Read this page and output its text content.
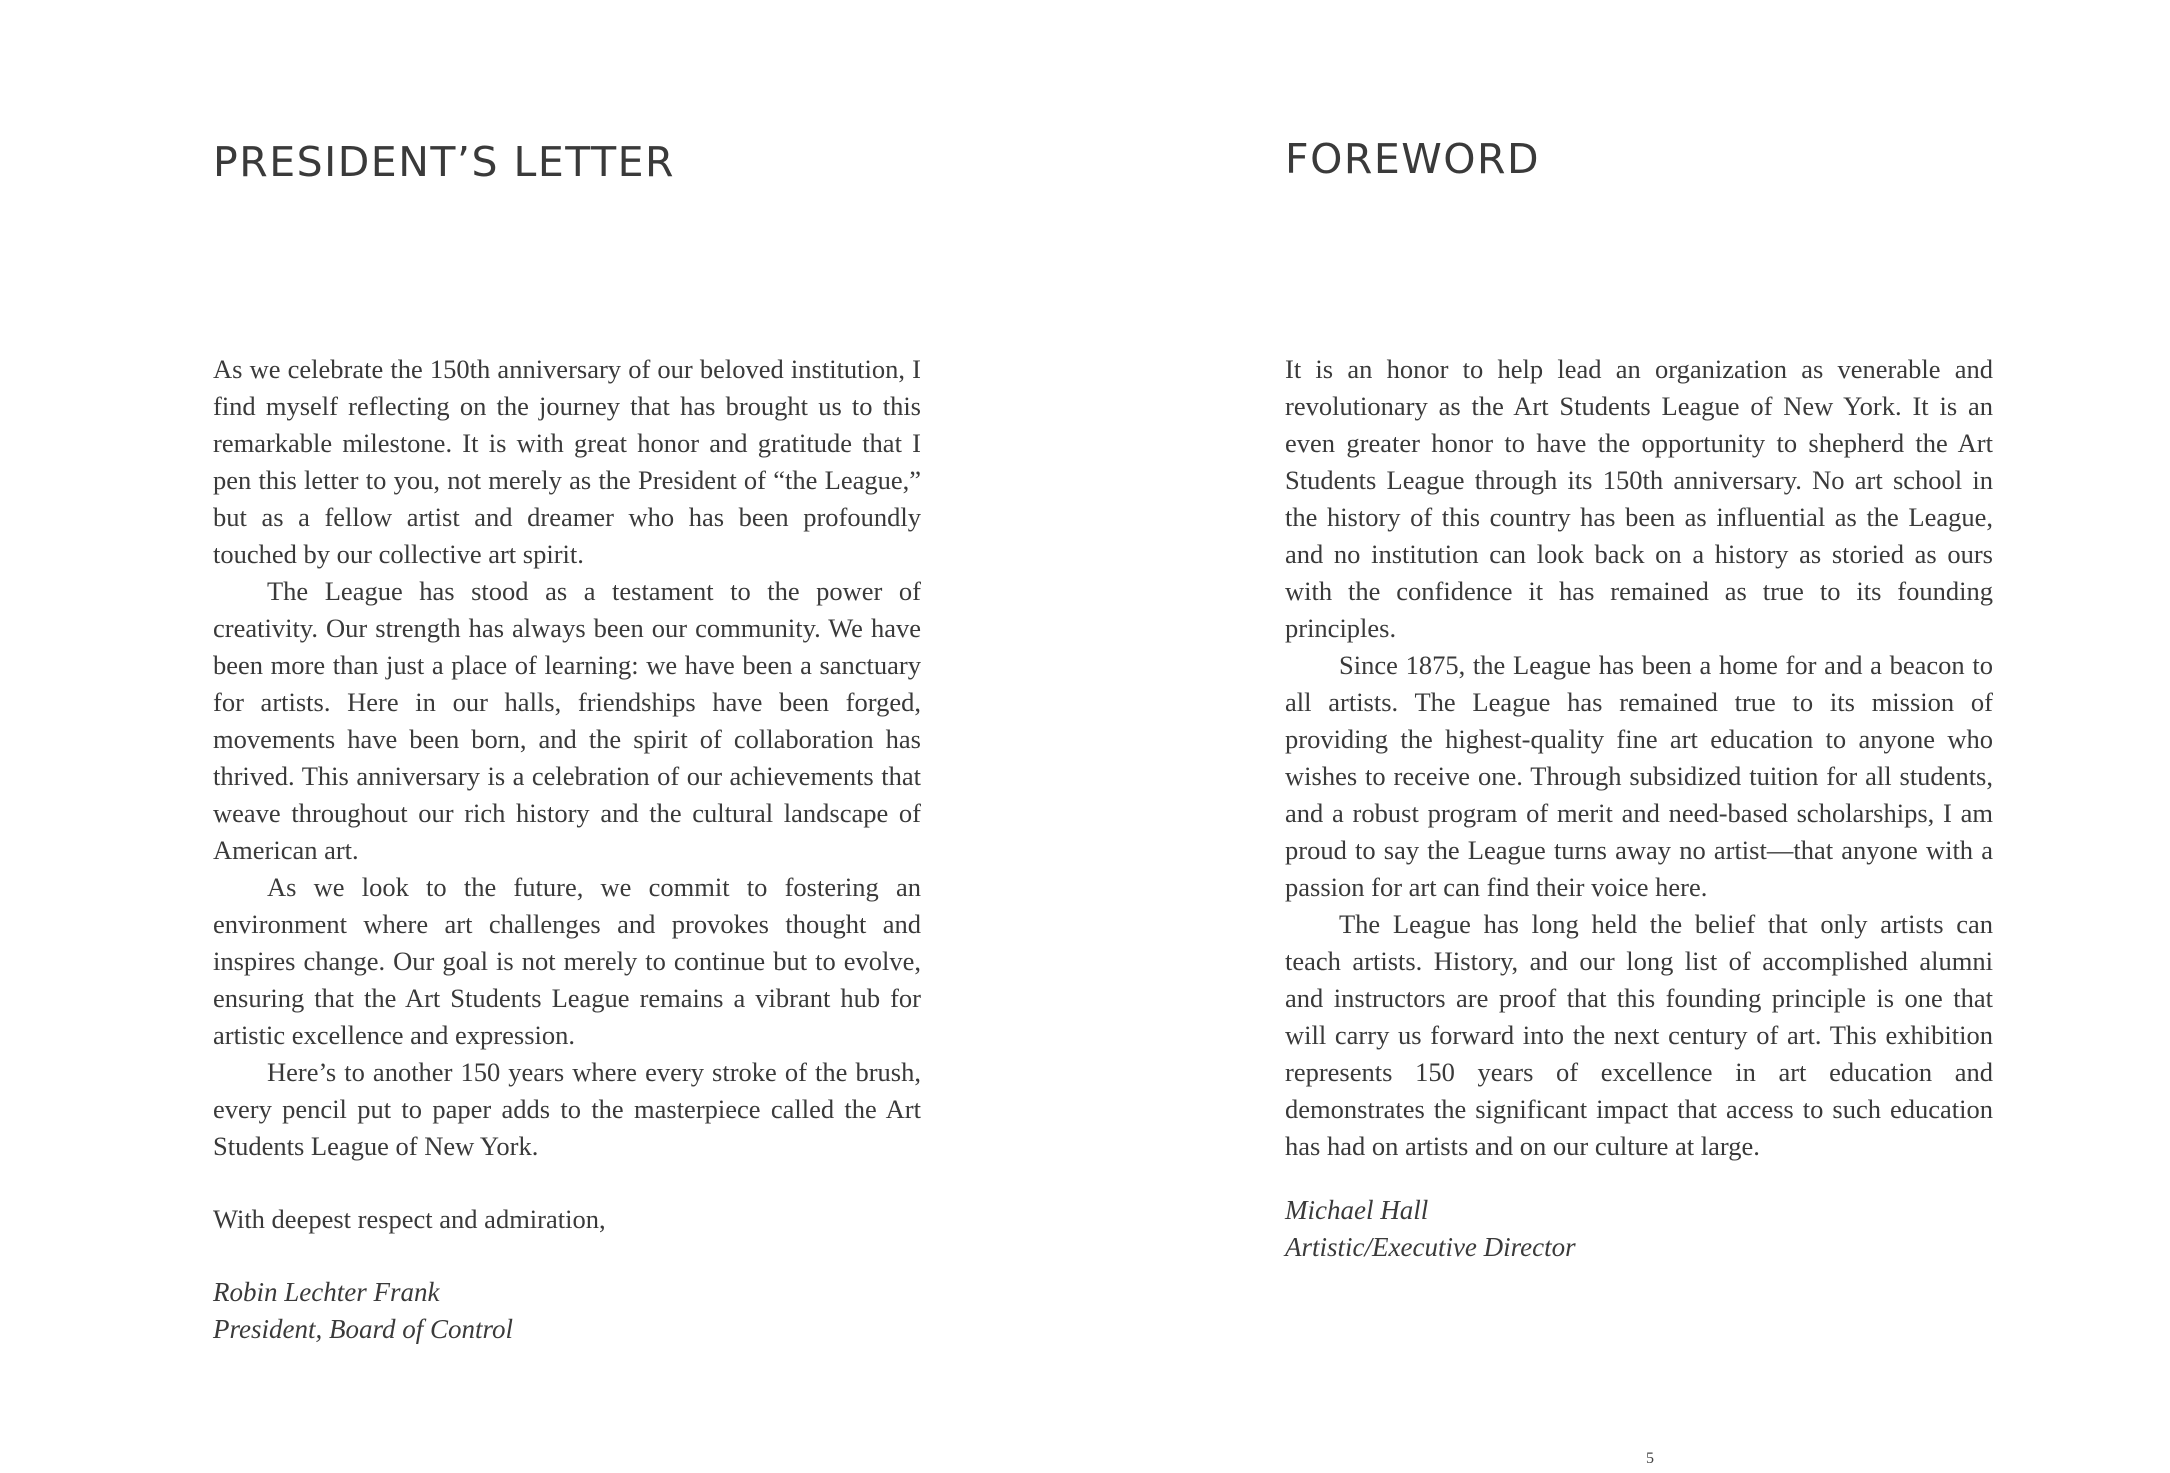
PRESIDENT’S LETTER

As we celebrate the 150th anniversary of our beloved institution, I find myself reflecting on the journey that has brought us to this remarkable milestone. It is with great honor and gratitude that I pen this letter to you, not merely as the President of “the League,” but as a fellow artist and dreamer who has been profoundly touched by our collective art spirit.

The League has stood as a testament to the power of creativity. Our strength has always been our community. We have been more than just a place of learning: we have been a sanctuary for artists. Here in our halls, friendships have been forged, movements have been born, and the spirit of collaboration has thrived. This anniversary is a celebration of our achievements that weave throughout our rich history and the cultural landscape of American art.

As we look to the future, we commit to fostering an environment where art challenges and provokes thought and inspires change. Our goal is not merely to continue but to evolve, ensuring that the Art Students League remains a vibrant hub for artistic excellence and expression.

Here’s to another 150 years where every stroke of the brush, every pencil put to paper adds to the masterpiece called the Art Students League of New York.

With deepest respect and admiration,

Robin Lechter Frank
President, Board of Control
FOREWORD

It is an honor to help lead an organization as venerable and revolutionary as the Art Students League of New York. It is an even greater honor to have the opportunity to shepherd the Art Students League through its 150th anniversary. No art school in the history of this country has been as influential as the League, and no institution can look back on a history as storied as ours with the confidence it has remained as true to its founding principles.

Since 1875, the League has been a home for and a beacon to all artists. The League has remained true to its mission of providing the highest-quality fine art education to anyone who wishes to receive one. Through subsidized tuition for all students, and a robust program of merit and need-based scholarships, I am proud to say the League turns away no artist—that anyone with a passion for art can find their voice here.

The League has long held the belief that only artists can teach artists. History, and our long list of accomplished alumni and instructors are proof that this founding principle is one that will carry us forward into the next century of art. This exhibition represents 150 years of excellence in art education and demonstrates the significant impact that access to such education has had on artists and on our culture at large.

Michael Hall
Artistic/Executive Director
5
